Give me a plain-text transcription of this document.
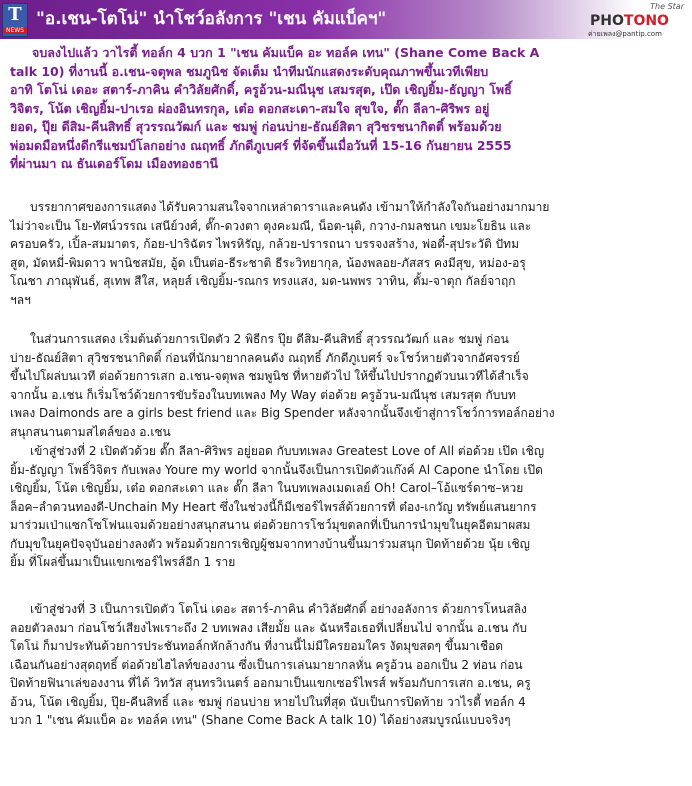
T
NEWS
"อ.เชน-โตโน่" นำโชว์อลังการ "เชน คัมแบ็คฯ"
The Star
PHOTONO
ค่ายเพลง@pantip.com

จบลงไปแล้ว วาไรตี้ ทอล์ก 4 บวก 1 "เชน คัมแบ็ค อะ ทอล์ค เทน" (Shane Come Back A
talk 10) ที่งานนี้ อ.เชน-จตุพล ชมภูนิช จัดเต็ม นำทีมนักแสดงระดับคุณภาพขึ้นเวทีเพียบ
อาทิ โตโน่ เดอะ สตาร์-ภาคิน คำวิลัยศักดิ์, ครูอ้วน-มณีนุช เสมรสุต, เป๊ด เชิญยิ้ม-ธัญญา โพธิ์
วิจิตร, โน้ต เชิญยิ้ม-ปาเรอ ผ่องอินทรกุล, เต๋อ ดอกสะเดา-สมใจ สุขใจ, ตั๊ก ลีลา-ศิริพร อยู่
ยอด, ปุ๊ย ดีสิม-คีนสิทธิ์ สุวรรณวัฒก์ และ ชมพู่ ก่อนบ่าย-ธัณย์สิตา สุวิชรชนากิตติ์ พร้อมด้วย
พ่อมดมือหนึ่งดีกรีแชมป์โลกอย่าง ณฤทธิ์ ภักดีภูเบศร์ ที่จัดขึ้นเมื่อวันที่ 15-16 กันยายน 2555
ที่ผ่านมา ณ ธันเดอร์โดม เมืองทองธานี

บรรยากาศของการแสดง ได้รับความสนใจจากเหล่าดาราและคนดัง เข้ามาให้กำลังใจกันอย่างมากมาย
ไม่ว่าจะเป็น โย-ทัศน์วรรณ เสนีย์วงศ์, ตั๊ก-ดวงตา ตุงคะมณี, น็อต-นุติ, กวาง-กมลชนก เขมะโยธิน และ
ครอบครัว, เปิ้ล-สมมาตร, ก้อย-ปาริฉัตร ไพรหิรัญ, กล้วย-ปรารถนา บรรจงสร้าง, พ่อตี๋-สุประวัติ ปัทม
สูต, มัดหมี่-พิมดาว พานิชสมัย, อู้ด เป็นต่อ-ธีระชาติ ธีระวิทยากุล, น้องพลอย-ภัสสร คงมีสุข, หม่อง-อรุ
โณชา ภาณุพันธ์, สุเทพ สีใส, หลุยส์ เชิญยิ้ม-รณกร ทรงแสง, มด-นพพร วาทิน, ตั้ม-จาตุก กัลย์จาฤก
ฯลฯ

ในส่วนการแสดง เริ่มต้นด้วยการเปิดตัว 2 พิธีกร ปุ๊ย ดีสิม-คีนสิทธิ์ สุวรรณวัฒก์ และ ชมพู่ ก่อน
บ่าย-ธัณย์สิตา สุวิชรชนากิตติ์ ก่อนที่นักมายากลคนดัง ณฤทธิ์ ภักดีภูเบศร์ จะโชว์หายตัวจากอัศจรรย์
ขึ้นไปโผล่บนเวที ต่อด้วยการเสก อ.เชน-จตุพล ชมพูนิช ที่หายตัวไป ให้ขึ้นไปปรากฏตัวบนเวทีได้สำเร็จ
จากนั้น อ.เชน ก็เริ่มโชว์ด้วยการขับร้องในบทเพลง My Way ต่อด้วย ครูอ้วน-มณีนุช เสมรสุต กับบท
เพลง Daimonds are a girls best friend และ Big Spender หลังจากนั้นจึงเข้าสู่การโชว์การทอล์กอย่าง
สนุกสนานตามสไตล์ของ อ.เชน

เข้าสู่ช่วงที่ 2 เปิดตัวด้วย ตั๊ก ลีลา-ศิริพร อยู่ยอด กับบทเพลง Greatest Love of All ต่อด้วย เป๊ด เชิญ
ยิ้ม-ธัญญา โพธิ์วิจิตร กับเพลง Youre my world จากนั้นจึงเป็นการเปิดตัวแก๊งค์ Al Capone นำโดย เป๊ด
เชิญยิ้ม, โน้ต เชิญยิ้ม, เต๋อ ดอกสะเดา และ ตั๊ก ลีลา ในบทเพลงเมดเลย์ Oh! Carol–โอ้แซร์ดาซ–หวย
ล็อค–ลำดวนทองดี-Unchain My Heart ซึ่งในช่วงนี้ก็มีเซอร์ไพรส์ด้วยการที่ ต๋อง-เกวัญ ทรัพย์แสนยากร
มาร่วมเป่าแซกโซโฟนแจมด้วยอย่างสนุกสนาน ต่อด้วยการโชว์มุขตลกที่เป็นการนำมุขในยุคอีตมาผสม
กับมุขในยุคปัจจุบันอย่างลงตัว พร้อมด้วยการเชิญผู้ชมจากทางบ้านขึ้นมาร่วมสนุก ปิดท้ายด้วย นุ้ย เชิญ
ยิ้ม ที่โผล่ขึ้นมาเป็นแขกเซอร์ไพรส์อีก 1 ราย

เข้าสู่ช่วงที่ 3 เป็นการเปิดตัว โตโน่ เดอะ สตาร์-ภาคิน คำวิลัยศักดิ์ อย่างอลังการ ด้วยการโหนสลิง
ลอยตัวลงมา ก่อนโชว์เสียงไพเราะถึง 2 บทเพลง เสียมั้ย และ ฉันหรือเธอที่เปลี่ยนไป จากนั้น อ.เชน กับ
โตโน่ ก็มาประทันด้วยการประชันทอล์กหักล้างกัน ที่งานนี้ไม่มีใครยอมใคร งัดมุขสดๆ ขึ้นมาเชือด
เฉือนกันอย่างสุดฤทธิ์ ต่อด้วยไฮไลท์ของงาน ซึ่งเป็นการเล่นมายากลหั่น ครูอ้วน ออกเป็น 2 ท่อน ก่อน
ปิดท้ายฟินาเล่ของงาน ที่ได้ วิทวัส สุนทรวิเนตร์ ออกมาเป็นแขกเซอร์ไพรส์ พร้อมกับการเสก อ.เชน, ครู
อ้วน, โน้ต เชิญยิ้ม, ปุ๊ย-คีนสิทธิ์ และ ชมพู่ ก่อนบ่าย หายไปในที่สุด นับเป็นการปิดท้าย วาไรตี้ ทอล์ก 4
บวก 1 "เชน คัมแบ็ค อะ ทอล์ค เทน" (Shane Come Back A talk 10) ได้อย่างสมบูรณ์แบบจริงๆ
